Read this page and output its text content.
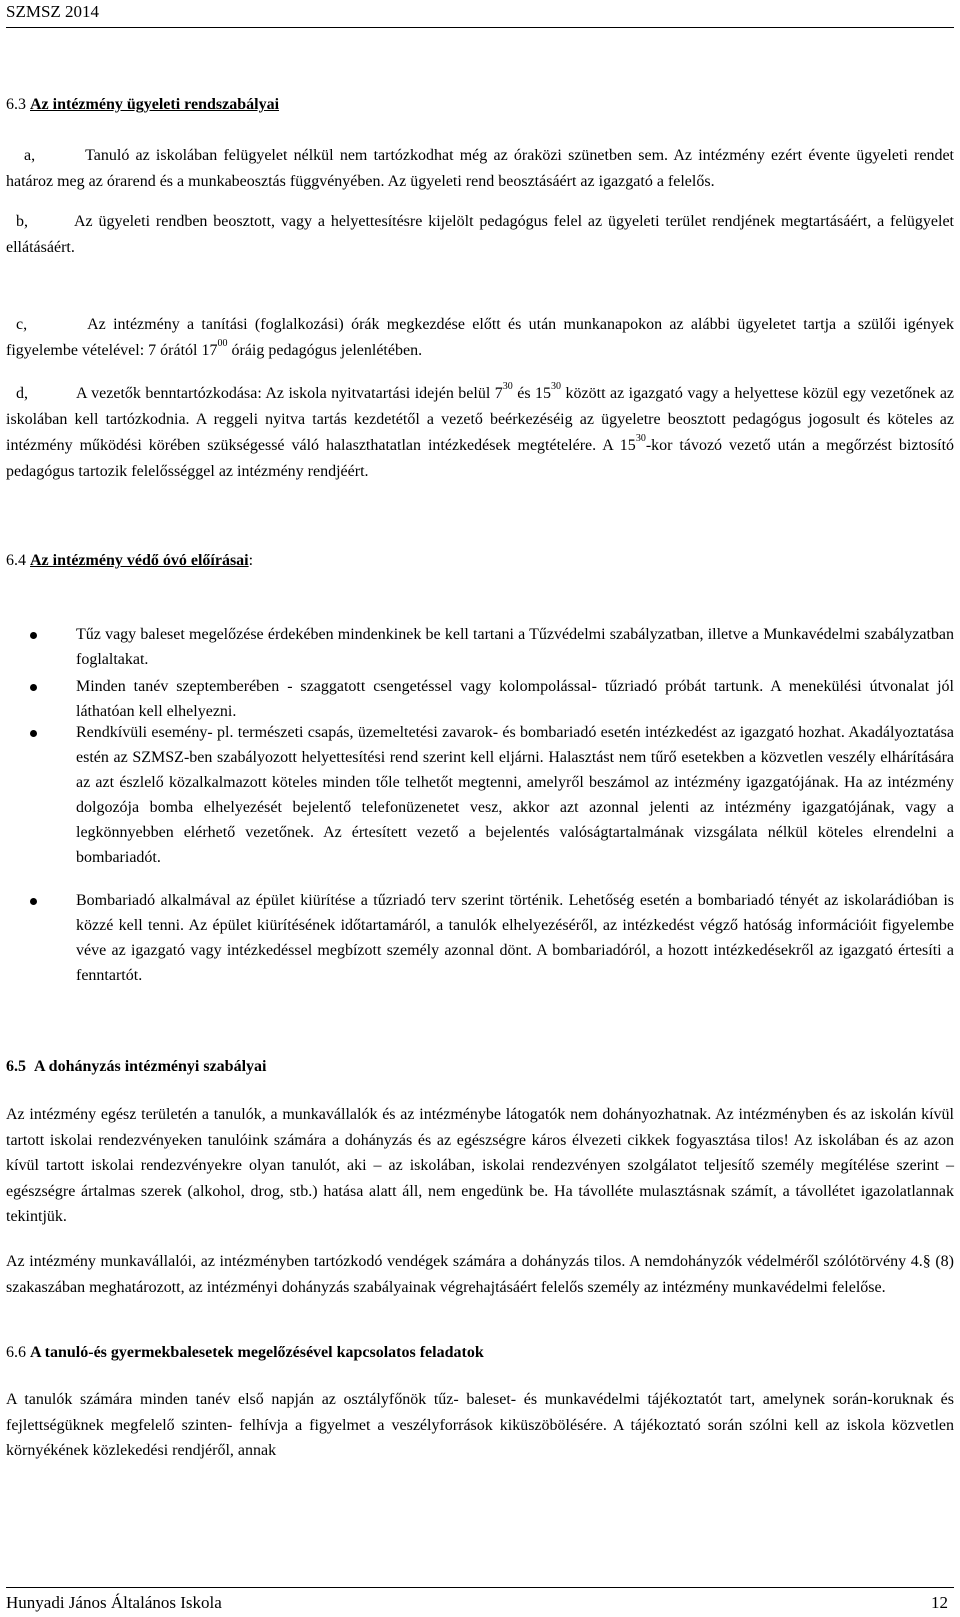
SZMSZ 2014
6.3 Az intézmény ügyeleti rendszabályai
a,	Tanuló az iskolában felügyelet nélkül nem tartózkodhat még az óraközi szünetben sem. Az intézmény ezért évente ügyeleti rendet határoz meg az órarend és a munkabeosztás függvényében. Az ügyeleti rend beosztásáért az igazgató a felelős.
b,	Az ügyeleti rendben beosztott, vagy a helyettesítésre kijelölt pedagógus felel az ügyeleti terület rendjének megtartásáért, a felügyelet ellátásáért.
c,	Az intézmény a tanítási (foglalkozási) órák megkezdése előtt és után munkanapokon az alábbi ügyeletet tartja a szülői igények figyelembe vételével: 7 órától $17^{00}$ óráig pedagógus jelenlétében.
d,	A vezetők benntartózkodása: Az iskola nyitvatartási idején belül $7^{30}$ és $15^{30}$ között az igazgató vagy a helyettese közül egy vezetőnek az iskolában kell tartózkodnia. A reggeli nyitva tartás kezdetétől a vezető beérkezéséig az ügyeletre beosztott pedagógus jogosult és köteles az intézmény működési körében szükségessé váló halaszthatatlan intézkedések megtételére. A $15^{30}$-kor távozó vezető után a megőrzést biztosító pedagógus tartozik felelősséggel az intézmény rendjéért.
6.4 Az intézmény védő óvó előírásai:
Tűz vagy baleset megelőzése érdekében mindenkinek be kell tartani a Tűzvédelmi szabályzatban, illetve a Munkavédelmi szabályzatban foglaltakat.
Minden tanév szeptemberében - szaggatott csengetéssel vagy kolompolással- tűzriadó próbát tartunk. A menekülési útvonalat jól láthatóan kell elhelyezni.
Rendkívüli esemény- pl. természeti csapás, üzemeltetési zavarok- és bombariadó esetén intézkedést az igazgató hozhat. Akadályoztatása estén az SZMSZ-ben szabályozott helyettesítési rend szerint kell eljárni. Halasztást nem tűrő esetekben a közvetlen veszély elhárítására az azt észlelő közalkalmazott köteles minden tőle telhetőt megtenni, amelyről beszámol az intézmény igazgatójának. Ha az intézmény dolgozója bomba elhelyezését bejelentő telefonüzenetet vesz, akkor azt azonnal jelenti az intézmény igazgatójának, vagy a legkönnyebben elérhető vezetőnek. Az értesített vezető a bejelentés valóságtartalmának vizsgálata nélkül köteles elrendelni a bombariadót.
Bombariadó alkalmával az épület kiürítése a tűzriadó terv szerint történik. Lehetőség esetén a bombariadó tényét az iskolarádióban is közzé kell tenni. Az épület kiürítésének időtartamáról, a tanulók elhelyezéséről, az intézkedést végző hatóság információit figyelembe véve az igazgató vagy intézkedéssel megbízott személy azonnal dönt. A bombariadóról, a hozott intézkedésekről az igazgató értesíti a fenntartót.
6.5 A dohányzás intézményi szabályai
Az intézmény egész területén a tanulók, a munkavállalók és az intézménybe látogatók nem dohányozhatnak. Az intézményben és az iskolán kívül tartott iskolai rendezvényeken tanulóink számára a dohányzás és az egészségre káros élvezeti cikkek fogyasztása tilos! Az iskolában és az azon kívül tartott iskolai rendezvényekre olyan tanulót, aki – az iskolában, iskolai rendezvényen szolgálatot teljesítő személy megítélése szerint – egészségre ártalmas szerek (alkohol, drog, stb.) hatása alatt áll, nem engedünk be. Ha távolléte mulasztásnak számít, a távollétet igazolatlannak tekintjük.
Az intézmény munkavállalói, az intézményben tartózkodó vendégek számára a dohányzás tilos. A nemdohányzók védelméről szólótörvény 4.§ (8) szakaszában meghatározott, az intézményi dohányzás szabályainak végrehajtásáért felelős személy az intézmény munkavédelmi felelőse.
6.6 A tanuló-és gyermekbalesetek megelőzésével kapcsolatos feladatok
A tanulók számára minden tanév első napján az osztályfőnök tűz- baleset- és munkavédelmi tájékoztatót tart, amelynek során-koruknak és fejlettségüknek megfelelő szinten- felhívja a figyelmet a veszélyforrások kiküszöbölésére. A tájékoztató során szólni kell az iskola közvetlen környékének közlekedési rendjéről, annak
Hunyadi János Általános Iskola	12
